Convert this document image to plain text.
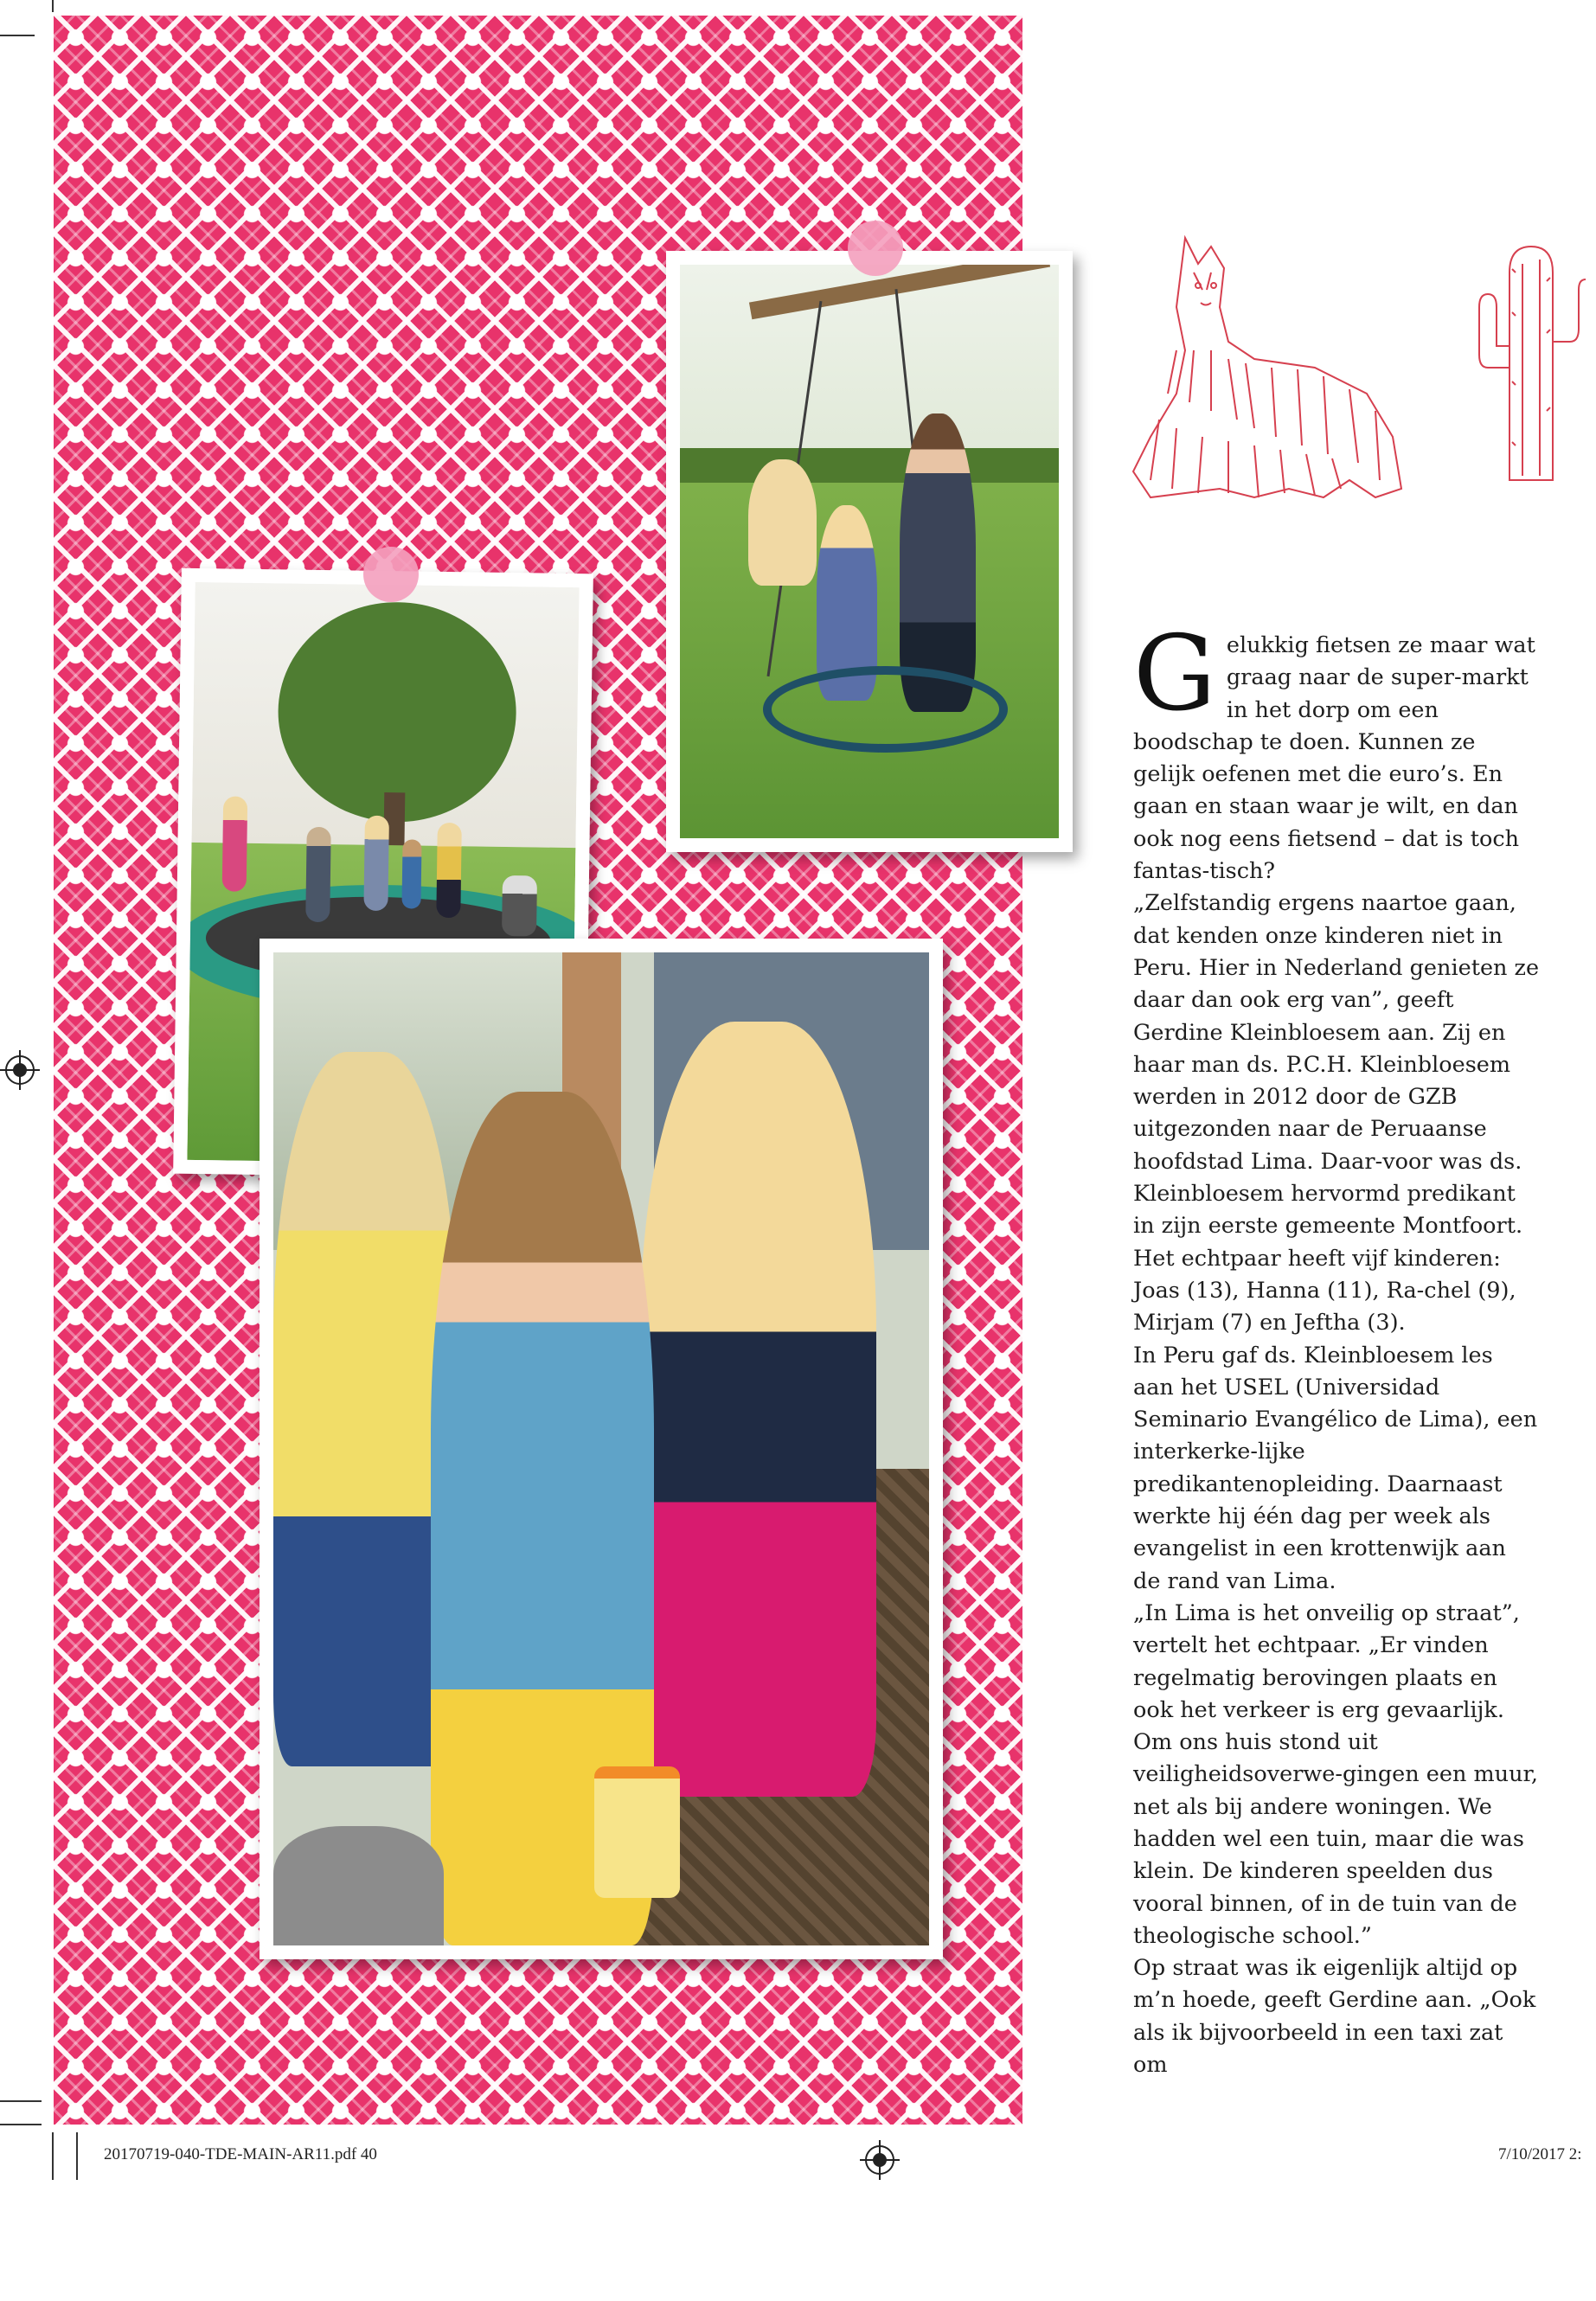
G elukkig fietsen ze maar wat graag naar de super-markt in het dorp om een boodschap te doen. Kunnen ze gelijk oefenen met die euro’s. En gaan en staan waar je wilt, en dan ook nog eens fietsend – dat is toch fantas-tisch?

„Zelfstandig ergens naartoe gaan, dat kenden onze kinderen niet in Peru. Hier in Nederland genieten ze daar dan ook erg van”, geeft Gerdine Kleinbloesem aan. Zij en haar man ds. P.C.H. Kleinbloesem werden in 2012 door de GZB uitgezonden naar de Peruaanse hoofdstad Lima. Daar-voor was ds. Kleinbloesem hervormd predikant in zijn eerste gemeente Montfoort. Het echtpaar heeft vijf kinderen: Joas (13), Hanna (11), Ra-chel (9), Mirjam (7) en Jeftha (3).

In Peru gaf ds. Kleinbloesem les aan het USEL (Universidad Seminario Evangélico de Lima), een interkerke-lijke predikantenopleiding. Daarnaast werkte hij één dag per week als evangelist in een krottenwijk aan de rand van Lima.

„In Lima is het onveilig op straat”, vertelt het echtpaar. „Er vinden regelmatig berovingen plaats en ook het verkeer is erg gevaarlijk. Om ons huis stond uit veiligheidsoverwe-gingen een muur, net als bij andere woningen. We hadden wel een tuin, maar die was klein. De kinderen speelden dus vooral binnen, of in de tuin van de theologische school.”

Op straat was ik eigenlijk altijd op m’n hoede, geeft Gerdine aan. „Ook als ik bijvoorbeeld in een taxi zat om

20170719-040-TDE-MAIN-AR11.pdf 40	7/10/2017 2:
